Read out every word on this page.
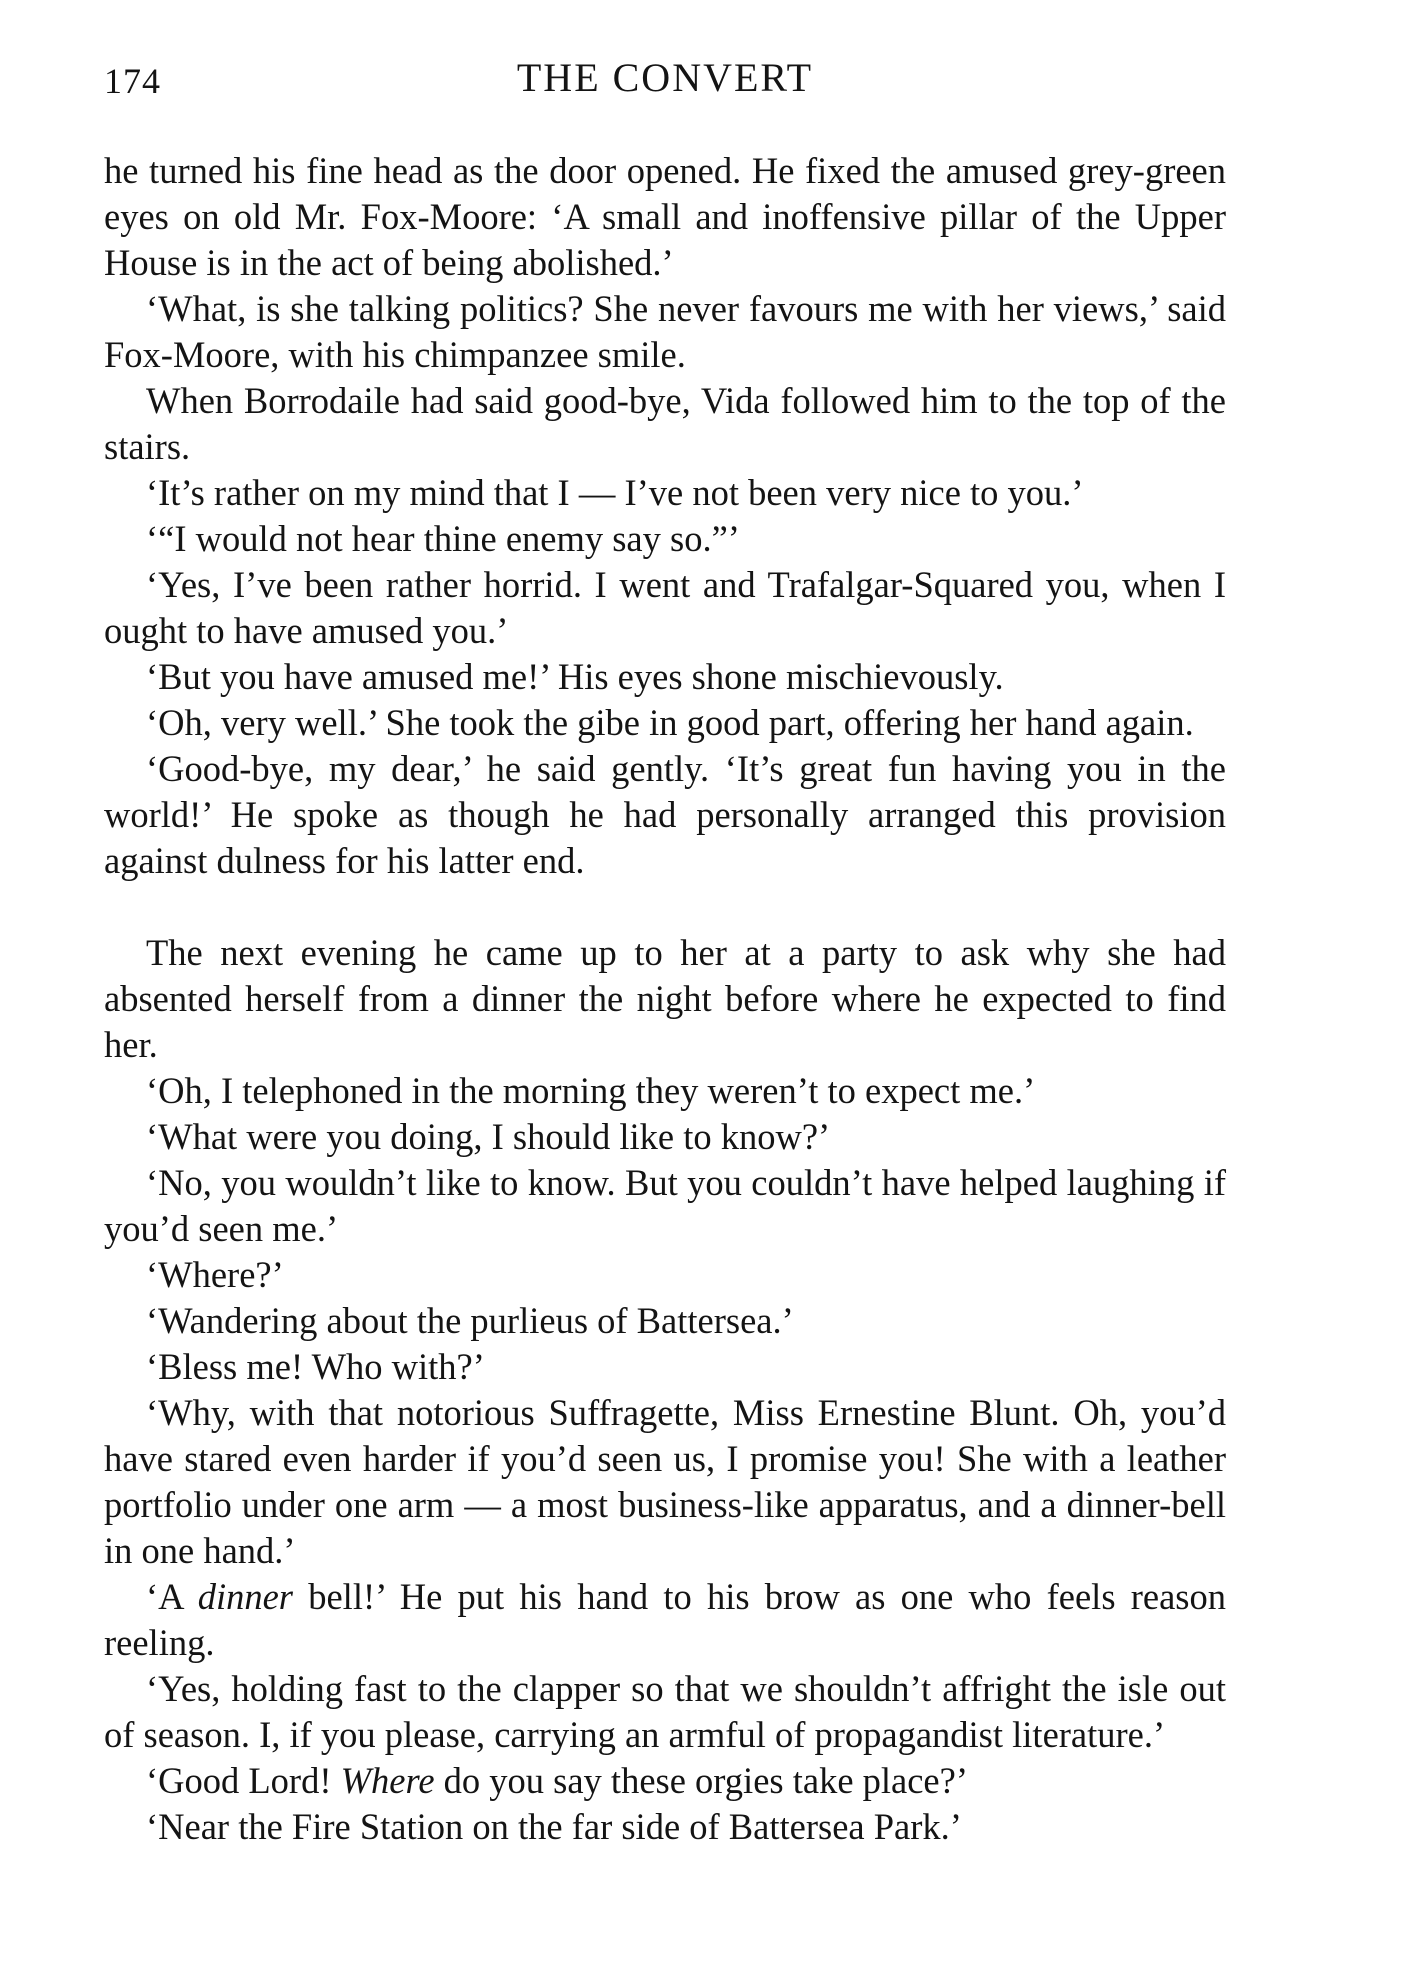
174	THE CONVERT

he turned his fine head as the door opened. He fixed the amused grey-green eyes on old Mr. Fox-Moore: ‘A small and inoffensive pillar of the Upper House is in the act of being abolished.’

‘What, is she talking politics? She never favours me with her views,’ said Fox-Moore, with his chimpanzee smile.

When Borrodaile had said good-bye, Vida followed him to the top of the stairs.

‘It’s rather on my mind that I — I’ve not been very nice to you.’

‘“I would not hear thine enemy say so.”’

‘Yes, I’ve been rather horrid. I went and Trafalgar-Squared you, when I ought to have amused you.’

‘But you have amused me!’ His eyes shone mischievously.

‘Oh, very well.’ She took the gibe in good part, offering her hand again.

‘Good-bye, my dear,’ he said gently. ‘It’s great fun having you in the world!’ He spoke as though he had personally arranged this provision against dulness for his latter end.

The next evening he came up to her at a party to ask why she had absented herself from a dinner the night before where he expected to find her.

‘Oh, I telephoned in the morning they weren’t to expect me.’

‘What were you doing, I should like to know?’

‘No, you wouldn’t like to know. But you couldn’t have helped laughing if you’d seen me.’

‘Where?’

‘Wandering about the purlieus of Battersea.’

‘Bless me! Who with?’

‘Why, with that notorious Suffragette, Miss Ernestine Blunt. Oh, you’d have stared even harder if you’d seen us, I promise you! She with a leather portfolio under one arm — a most business-like apparatus, and a dinner-bell in one hand.’

‘A dinner bell!’ He put his hand to his brow as one who feels reason reeling.

‘Yes, holding fast to the clapper so that we shouldn’t affright the isle out of season. I, if you please, carrying an armful of propagandist literature.’

‘Good Lord! Where do you say these orgies take place?’

‘Near the Fire Station on the far side of Battersea Park.’
